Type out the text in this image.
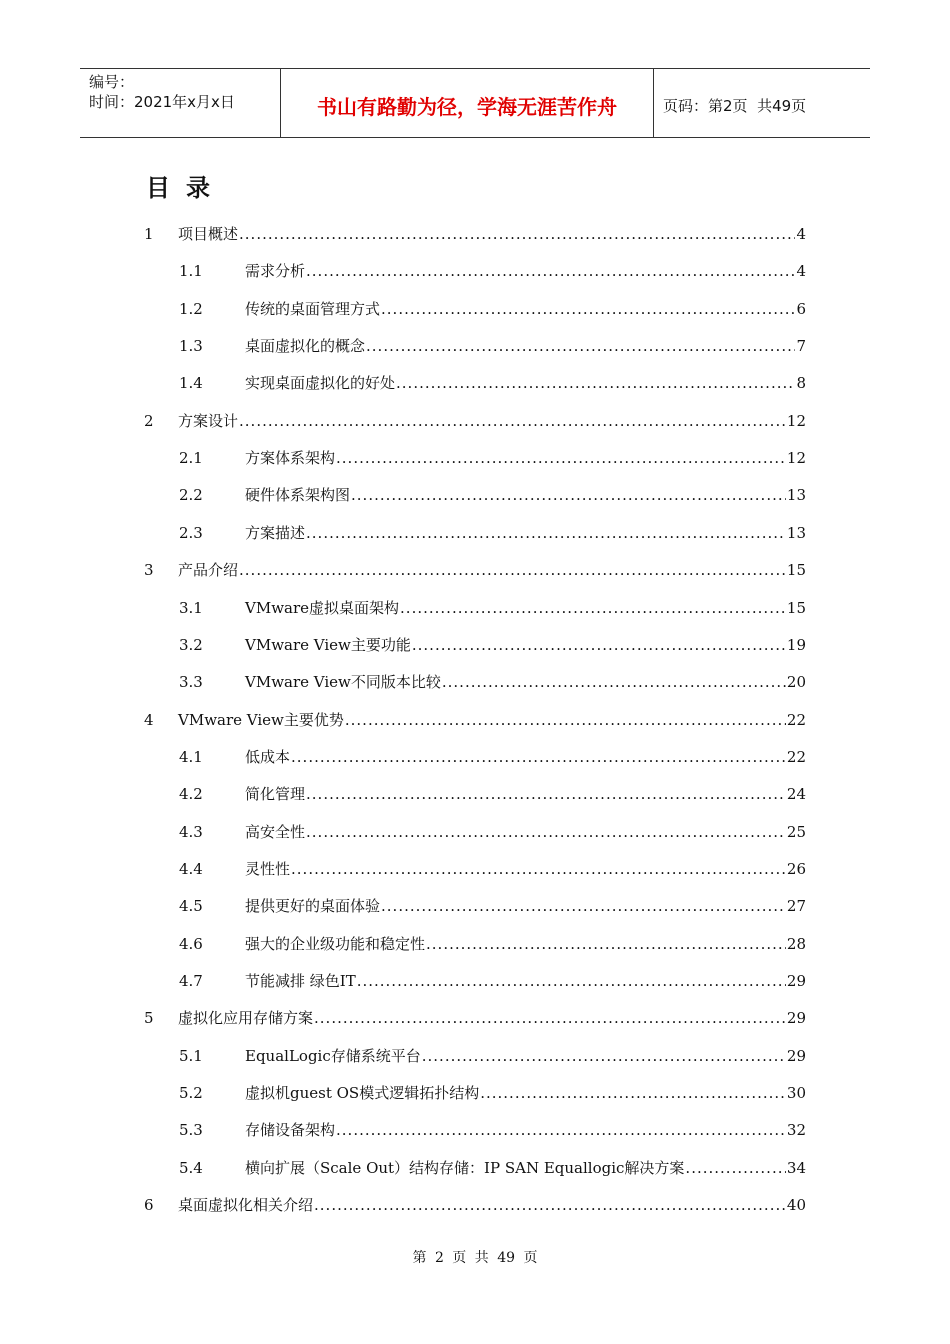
编号：
时间：2021年x月x日	书山有路勤为径，学海无涯苦作舟	页码：第2页  共49页
目录
1	项目概述 .....	4
1.1	需求分析 .....	4
1.2	传统的桌面管理方式 .....	6
1.3	桌面虚拟化的概念 .....	7
1.4	实现桌面虚拟化的好处 .....	8
2	方案设计 .....	12
2.1	方案体系架构 .....	12
2.2	硬件体系架构图 .....	13
2.3	方案描述 .....	13
3	产品介绍 .....	15
3.1	VMware虚拟桌面架构 .....	15
3.2	VMware View主要功能 .....	19
3.3	VMware View不同版本比较 .....	20
4	VMware View主要优势 .....	22
4.1	低成本 .....	22
4.2	简化管理 .....	24
4.3	高安全性 .....	25
4.4	灵性性 .....	26
4.5	提供更好的桌面体验 .....	27
4.6	强大的企业级功能和稳定性 .....	28
4.7	节能减排 绿色IT .....	29
5	虚拟化应用存储方案 .....	29
5.1	EqualLogic存储系统平台 .....	29
5.2	虚拟机guest OS模式逻辑拓扑结构 .....	30
5.3	存储设备架构 .....	32
5.4	横向扩展（Scale Out）结构存储：IP SAN Equallogic解决方案 .....	34
6	桌面虚拟化相关介绍 .....	40
第 2 页 共 49 页
